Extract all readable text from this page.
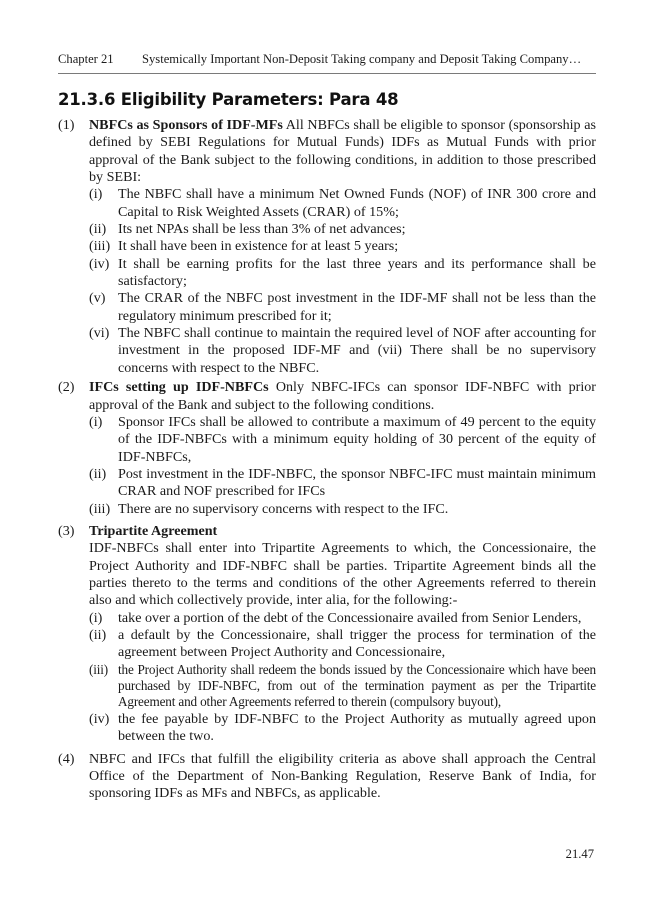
Chapter 21 Systemically Important Non-Deposit Taking company and Deposit Taking Company…
21.3.6 Eligibility Parameters: Para 48
(1) NBFCs as Sponsors of IDF-MFs All NBFCs shall be eligible to sponsor (sponsorship as defined by SEBI Regulations for Mutual Funds) IDFs as Mutual Funds with prior approval of the Bank subject to the following conditions, in addition to those prescribed by SEBI:
(i) The NBFC shall have a minimum Net Owned Funds (NOF) of INR 300 crore and Capital to Risk Weighted Assets (CRAR) of 15%;
(ii) Its net NPAs shall be less than 3% of net advances;
(iii) It shall have been in existence for at least 5 years;
(iv) It shall be earning profits for the last three years and its performance shall be satisfactory;
(v) The CRAR of the NBFC post investment in the IDF-MF shall not be less than the regulatory minimum prescribed for it;
(vi) The NBFC shall continue to maintain the required level of NOF after accounting for investment in the proposed IDF-MF and (vii) There shall be no supervisory concerns with respect to the NBFC.
(2) IFCs setting up IDF-NBFCs Only NBFC-IFCs can sponsor IDF-NBFC with prior approval of the Bank and subject to the following conditions.
(i) Sponsor IFCs shall be allowed to contribute a maximum of 49 percent to the equity of the IDF-NBFCs with a minimum equity holding of 30 percent of the equity of IDF-NBFCs,
(ii) Post investment in the IDF-NBFC, the sponsor NBFC-IFC must maintain minimum CRAR and NOF prescribed for IFCs
(iii) There are no supervisory concerns with respect to the IFC.
(3) Tripartite Agreement
IDF-NBFCs shall enter into Tripartite Agreements to which, the Concessionaire, the Project Authority and IDF-NBFC shall be parties. Tripartite Agreement binds all the parties thereto to the terms and conditions of the other Agreements referred to therein also and which collectively provide, inter alia, for the following:-
(i) take over a portion of the debt of the Concessionaire availed from Senior Lenders,
(ii) a default by the Concessionaire, shall trigger the process for termination of the agreement between Project Authority and Concessionaire,
(iii) the Project Authority shall redeem the bonds issued by the Concessionaire which have been purchased by IDF-NBFC, from out of the termination payment as per the Tripartite Agreement and other Agreements referred to therein (compulsory buyout),
(iv) the fee payable by IDF-NBFC to the Project Authority as mutually agreed upon between the two.
(4) NBFC and IFCs that fulfill the eligibility criteria as above shall approach the Central Office of the Department of Non-Banking Regulation, Reserve Bank of India, for sponsoring IDFs as MFs and NBFCs, as applicable.
21.47
